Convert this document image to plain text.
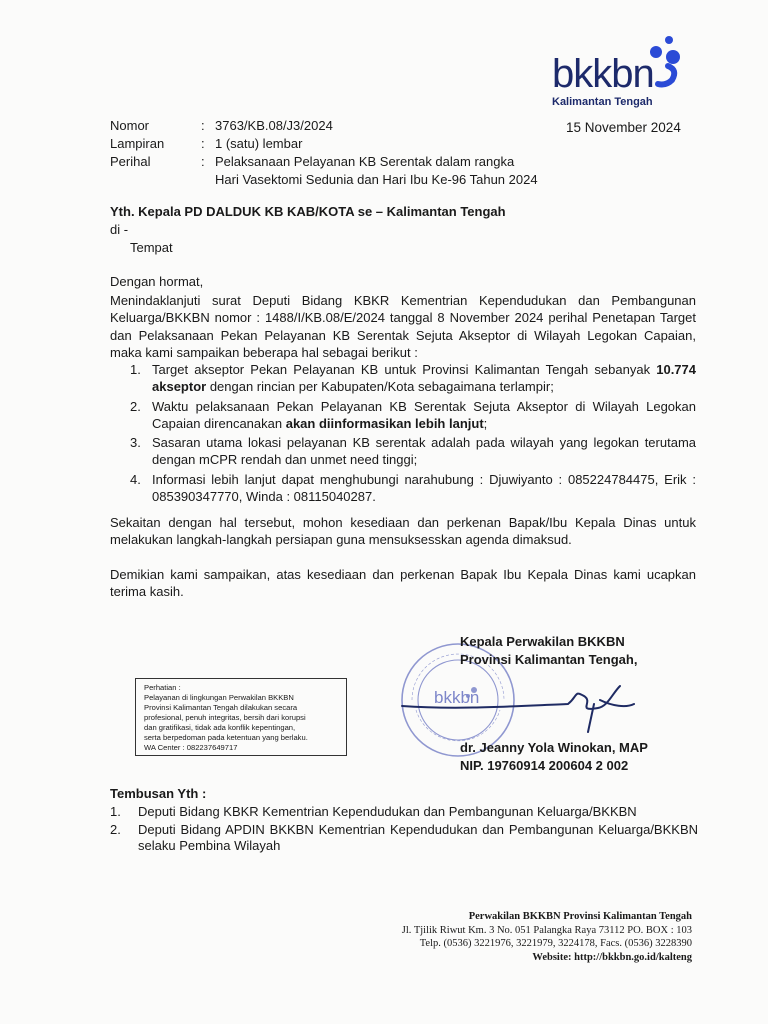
bkkbn
Kalimantan Tengah
Nomor
Lampiran
Perihal
:
:
:
3763/KB.08/J3/2024
1 (satu) lembar
Pelaksanaan Pelayanan KB Serentak dalam rangka
Hari Vasektomi Sedunia dan Hari Ibu Ke-96 Tahun 2024
15 November 2024
Yth. Kepala PD DALDUK KB KAB/KOTA se – Kalimantan Tengah
di -
Tempat
Dengan hormat,
Menindaklanjuti surat Deputi Bidang KBKR Kementrian Kependudukan dan Pembangunan
Keluarga/BKKBN nomor : 1488/I/KB.08/E/2024 tanggal 8 November 2024 perihal Penetapan Target
dan Pelaksanaan Pekan Pelayanan KB Serentak Sejuta Akseptor di Wilayah Legokan Capaian,
maka kami sampaikan beberapa hal sebagai berikut :
1. Target akseptor Pekan Pelayanan KB untuk Provinsi Kalimantan Tengah sebanyak 10.774
akseptor dengan rincian per Kabupaten/Kota sebagaimana terlampir;
2. Waktu pelaksanaan Pekan Pelayanan KB Serentak Sejuta Akseptor di Wilayah Legokan
Capaian direncanakan akan diinformasikan lebih lanjut;
3. Sasaran utama lokasi pelayanan KB serentak adalah pada wilayah yang legokan terutama
dengan mCPR rendah dan unmet need tinggi;
4. Informasi lebih lanjut dapat menghubungi narahubung : Djuwiyanto : 085224784475, Erik :
085390347770, Winda : 08115040287.
Sekaitan dengan hal tersebut, mohon kesediaan dan perkenan Bapak/Ibu Kepala Dinas untuk
melakukan langkah-langkah persiapan guna mensuksesskan agenda dimaksud.
Demikian kami sampaikan, atas kesediaan dan perkenan Bapak Ibu Kepala Dinas kami ucapkan
terima kasih.
Perhatian :
Pelayanan di lingkungan Perwakilan BKKBN
Provinsi Kalimantan Tengah dilakukan secara
profesional, penuh integritas, bersih dari korupsi
dan gratifikasi, tidak ada konflik kepentingan,
serta berpedoman pada ketentuan yang berlaku.
WA Center : 082237649717
bkkbn
Kepala Perwakilan BKKBN
Provinsi Kalimantan Tengah,
dr. Jeanny Yola Winokan, MAP
NIP. 19760914 200604 2 002
Tembusan Yth :
1. Deputi Bidang KBKR Kementrian Kependudukan dan Pembangunan Keluarga/BKKBN
2. Deputi Bidang APDIN BKKBN Kementrian Kependudukan dan Pembangunan Keluarga/BKKBN
selaku Pembina Wilayah
Perwakilan BKKBN Provinsi Kalimantan Tengah
Jl. Tjilik Riwut Km. 3 No. 051 Palangka Raya 73112 PO. BOX : 103
Telp. (0536) 3221976, 3221979, 3224178, Facs. (0536) 3228390
Website: http://bkkbn.go.id/kalteng
